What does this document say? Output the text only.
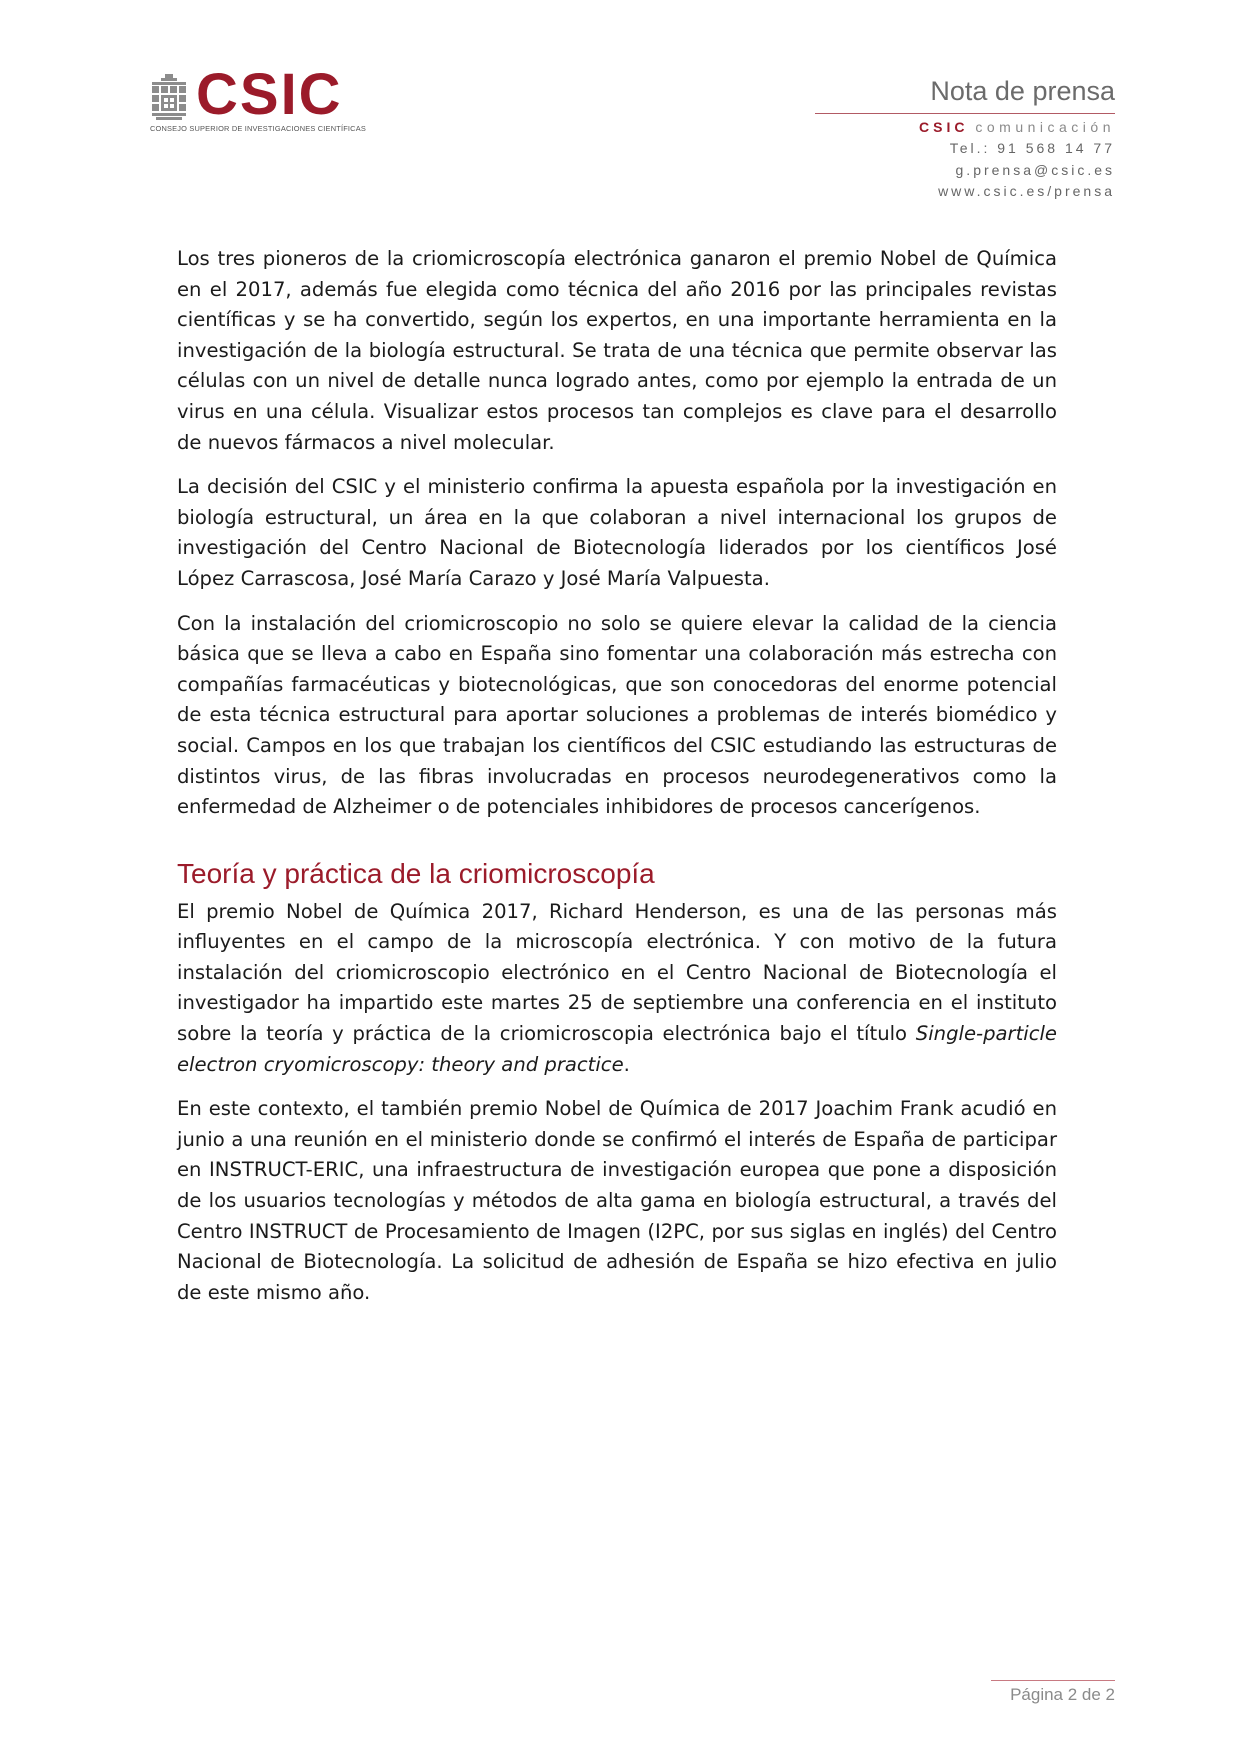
CSIC
CONSEJO SUPERIOR DE INVESTIGACIONES CIENTÍFICAS
Nota de prensa
CSIC comunicación
Tel.: 91 568 14 77
g.prensa@csic.es
www.csic.es/prensa

Los tres pioneros de la criomicroscopía electrónica ganaron el premio Nobel de Química en el 2017, además fue elegida como técnica del año 2016 por las principales revistas científicas y se ha convertido, según los expertos, en una importante herramienta en la investigación de la biología estructural. Se trata de una técnica que permite observar las células con un nivel de detalle nunca logrado antes, como por ejemplo la entrada de un virus en una célula. Visualizar estos procesos tan complejos es clave para el desarrollo de nuevos fármacos a nivel molecular.

La decisión del CSIC y el ministerio confirma la apuesta española por la investigación en biología estructural, un área en la que colaboran a nivel internacional los grupos de investigación del Centro Nacional de Biotecnología liderados por los científicos José López Carrascosa, José María Carazo y José María Valpuesta.

Con la instalación del criomicroscopio no solo se quiere elevar la calidad de la ciencia básica que se lleva a cabo en España sino fomentar una colaboración más estrecha con compañías farmacéuticas y biotecnológicas, que son conocedoras del enorme potencial de esta técnica estructural para aportar soluciones a problemas de interés biomédico y social. Campos en los que trabajan los científicos del CSIC estudiando las estructuras de distintos virus, de las fibras involucradas en procesos neurodegenerativos como la enfermedad de Alzheimer o de potenciales inhibidores de procesos cancerígenos.

Teoría y práctica de la criomicroscopía

El premio Nobel de Química 2017, Richard Henderson, es una de las personas más influyentes en el campo de la microscopía electrónica. Y con motivo de la futura instalación del criomicroscopio electrónico en el Centro Nacional de Biotecnología el investigador ha impartido este martes 25 de septiembre una conferencia en el instituto sobre la teoría y práctica de la criomicroscopia electrónica bajo el título Single-particle electron cryomicroscopy: theory and practice.

En este contexto, el también premio Nobel de Química de 2017 Joachim Frank acudió en junio a una reunión en el ministerio donde se confirmó el interés de España de participar en INSTRUCT-ERIC, una infraestructura de investigación europea que pone a disposición de los usuarios tecnologías y métodos de alta gama en biología estructural, a través del Centro INSTRUCT de Procesamiento de Imagen (I2PC, por sus siglas en inglés) del Centro Nacional de Biotecnología. La solicitud de adhesión de España se hizo efectiva en julio de este mismo año.

Página 2 de 2
